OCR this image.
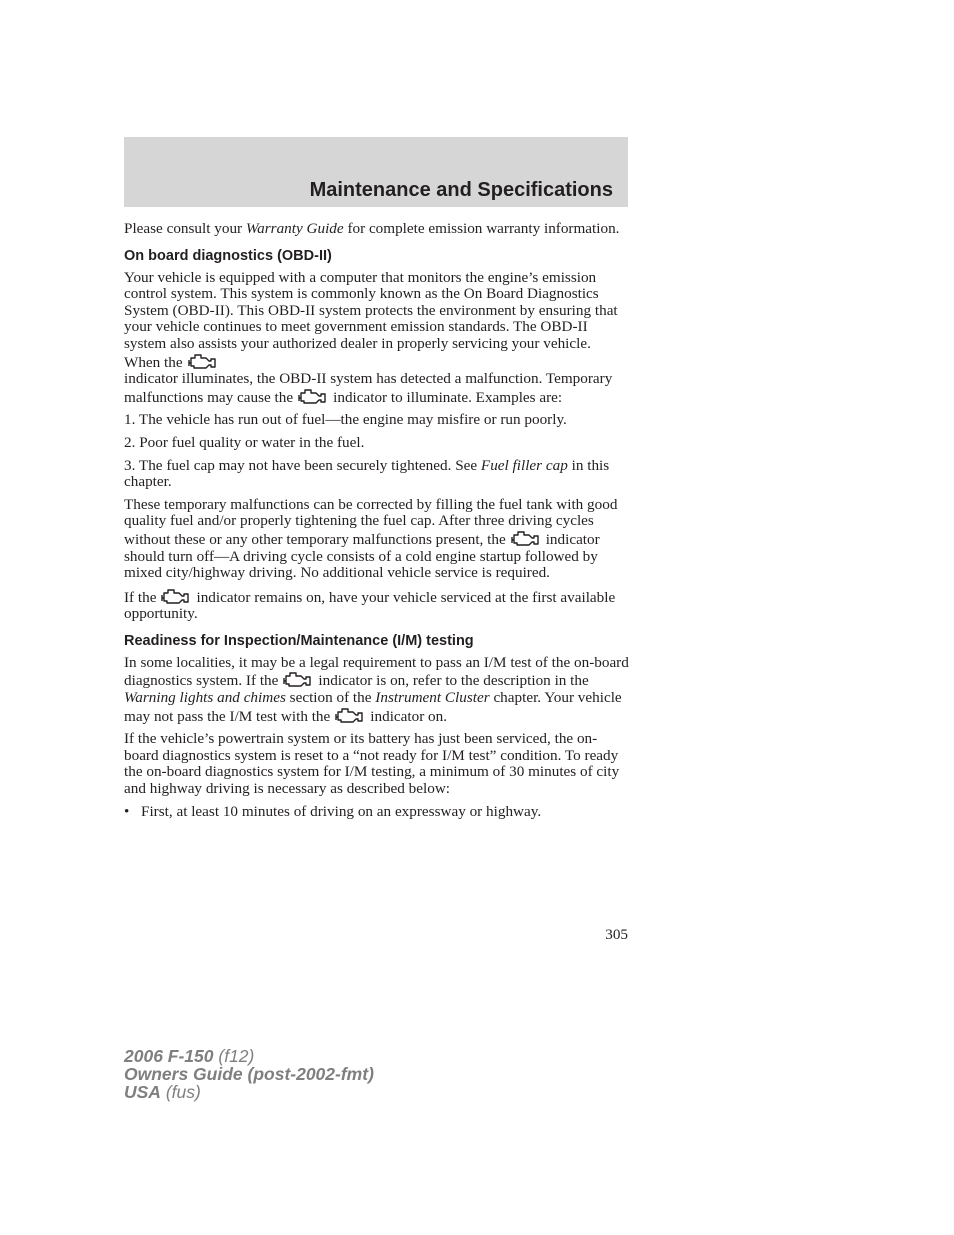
Maintenance and Specifications

Please consult your Warranty Guide for complete emission warranty information.

On board diagnostics (OBD-II)

Your vehicle is equipped with a computer that monitors the engine’s emission control system. This system is commonly known as the On Board Diagnostics System (OBD-II). This OBD-II system protects the environment by ensuring that your vehicle continues to meet government emission standards. The OBD-II system also assists your authorized dealer in properly servicing your vehicle. When the

indicator illuminates, the OBD-II system has detected a malfunction. Temporary malfunctions may cause the	indicator to illuminate. Examples are:

1. The vehicle has run out of fuel—the engine may misfire or run poorly.

2. Poor fuel quality or water in the fuel.

3. The fuel cap may not have been securely tightened. See Fuel filler cap in this chapter.

These temporary malfunctions can be corrected by filling the fuel tank with good quality fuel and/or properly tightening the fuel cap. After three driving cycles without these or any other temporary malfunctions present, the	indicator should turn off—A driving cycle consists of a cold engine startup followed by mixed city/highway driving. No additional vehicle service is required.

If the	indicator remains on, have your vehicle serviced at the first available opportunity.

Readiness for Inspection/Maintenance (I/M) testing

In some localities, it may be a legal requirement to pass an I/M test of the on-board diagnostics system. If the	indicator is on, refer to the description in the Warning lights and chimes section of the Instrument Cluster chapter. Your vehicle may not pass the I/M test with the	indicator on.

If the vehicle’s powertrain system or its battery has just been serviced, the on-board diagnostics system is reset to a “not ready for I/M test” condition. To ready the on-board diagnostics system for I/M testing, a minimum of 30 minutes of city and highway driving is necessary as described below:

• First, at least 10 minutes of driving on an expressway or highway.
305
2006 F-150 (f12)
Owners Guide (post-2002-fmt)
USA (fus)
